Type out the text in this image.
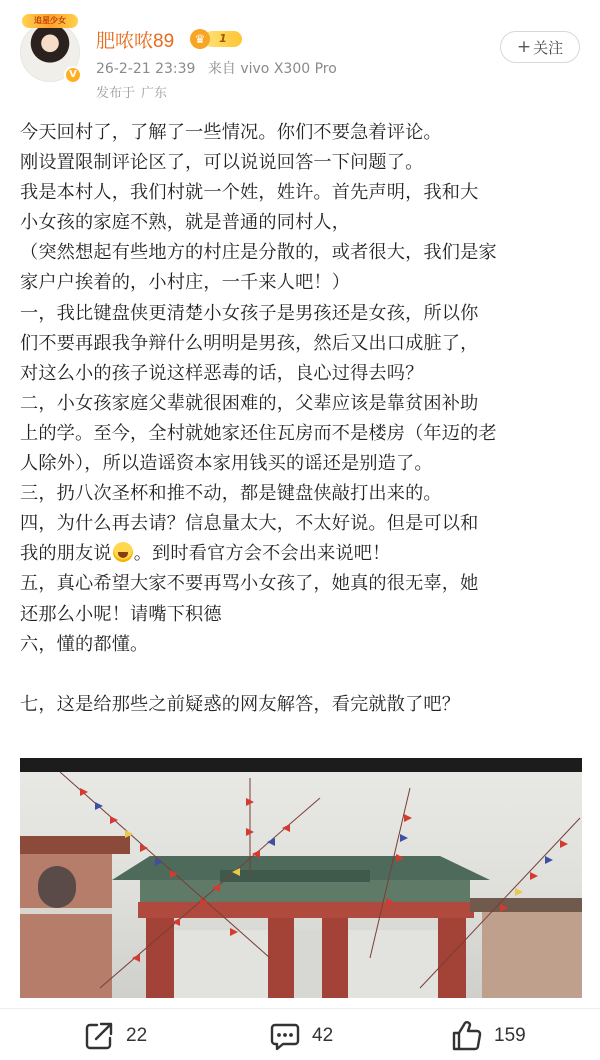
追星少女
V
肥哝哝89	♛	1
26-2-21 23:39 来自 vivo X300 Pro
发布于 广东
+ 关注

今天回村了，了解了一些情况。你们不要急着评论。

刚设置限制评论区了，可以说说回答一下问题了。

我是本村人，我们村就一个姓，姓许。首先声明，我和大

小女孩的家庭不熟，就是普通的同村人，

（突然想起有些地方的村庄是分散的，或者很大，我们是家

家户户挨着的，小村庄，一千来人吧！）

一，我比键盘侠更清楚小女孩子是男孩还是女孩，所以你

们不要再跟我争辩什么明明是男孩，然后又出口成脏了，

对这么小的孩子说这样恶毒的话，良心过得去吗？

二，小女孩家庭父辈就很困难的，父辈应该是靠贫困补助

上的学。至今，全村就她家还住瓦房而不是楼房（年迈的老

人除外），所以造谣资本家用钱买的谣还是别造了。

三，扔八次圣杯和推不动，都是键盘侠敲打出来的。

四，为什么再去请？信息量太大，不太好说。但是可以和

我的朋友说 。到时看官方会不会出来说吧！

五，真心希望大家不要再骂小女孩了，她真的很无辜，她

还那么小呢！请嘴下积德

六，懂的都懂。

七，这是给那些之前疑惑的网友解答，看完就散了吧？

22	42	159
